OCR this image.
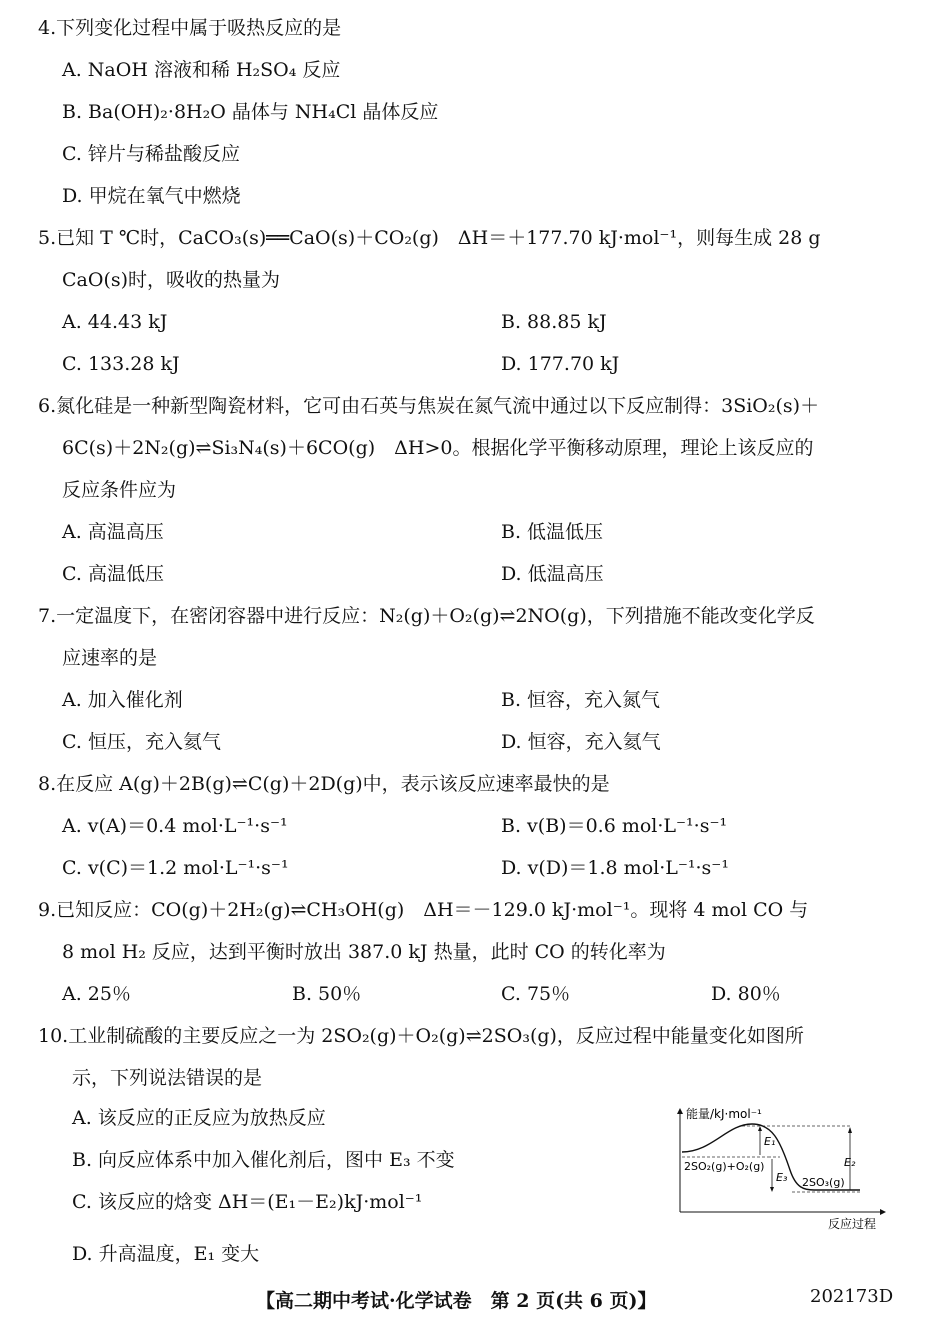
4.下列变化过程中属于吸热反应的是
A. NaOH 溶液和稀 H₂SO₄ 反应
B. Ba(OH)₂·8H₂O 晶体与 NH₄Cl 晶体反应
C. 锌片与稀盐酸反应
D. 甲烷在氧气中燃烧
5.已知 T ℃时，CaCO₃(s)══CaO(s)＋CO₂(g)　ΔH＝＋177.70 kJ·mol⁻¹，则每生成 28 g
CaO(s)时，吸收的热量为
A. 44.43 kJ	B. 88.85 kJ
C. 133.28 kJ	D. 177.70 kJ
6.氮化硅是一种新型陶瓷材料，它可由石英与焦炭在氮气流中通过以下反应制得：3SiO₂(s)＋
6C(s)＋2N₂(g)⇌Si₃N₄(s)＋6CO(g)　ΔH>0。根据化学平衡移动原理，理论上该反应的
反应条件应为
A. 高温高压	B. 低温低压
C. 高温低压	D. 低温高压
7.一定温度下，在密闭容器中进行反应：N₂(g)＋O₂(g)⇌2NO(g)，下列措施不能改变化学反
应速率的是
A. 加入催化剂	B. 恒容，充入氮气
C. 恒压，充入氦气	D. 恒容，充入氦气
8.在反应 A(g)＋2B(g)⇌C(g)＋2D(g)中，表示该反应速率最快的是
A. v(A)＝0.4 mol·L⁻¹·s⁻¹	B. v(B)＝0.6 mol·L⁻¹·s⁻¹
C. v(C)＝1.2 mol·L⁻¹·s⁻¹	D. v(D)＝1.8 mol·L⁻¹·s⁻¹
9.已知反应：CO(g)＋2H₂(g)⇌CH₃OH(g)　ΔH＝－129.0 kJ·mol⁻¹。现将 4 mol CO 与
8 mol H₂ 反应，达到平衡时放出 387.0 kJ 热量，此时 CO 的转化率为
A. 25％	B. 50％	C. 75％	D. 80％
10.工业制硫酸的主要反应之一为 2SO₂(g)＋O₂(g)⇌2SO₃(g)，反应过程中能量变化如图所
示，下列说法错误的是
A. 该反应的正反应为放热反应
B. 向反应体系中加入催化剂后，图中 E₃ 不变
C. 该反应的焓变 ΔH＝(E₁－E₂)kJ·mol⁻¹
D. 升高温度，E₁ 变大
能量/kJ·mol⁻¹
反应过程
E₁
E₃
E₂
2SO₂(g)+O₂(g)
2SO₃(g)
【高二期中考试·化学试卷　第 2 页(共 6 页)】	202173D
